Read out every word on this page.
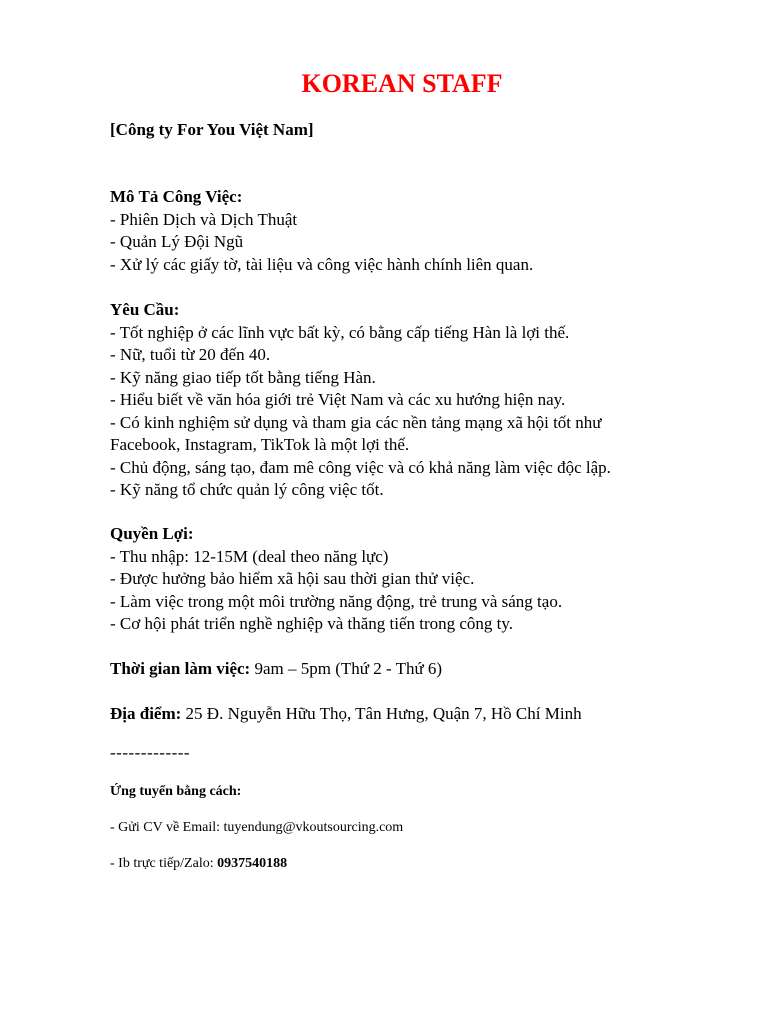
KOREAN STAFF
[Công ty For You Việt Nam]
Mô Tả Công Việc:
- Phiên Dịch và Dịch Thuật
- Quản Lý Đội Ngũ
- Xử lý các giấy tờ, tài liệu và công việc hành chính liên quan.
Yêu Cầu:
- Tốt nghiệp ở các lĩnh vực bất kỳ, có bằng cấp tiếng Hàn là lợi thế.
- Nữ, tuổi từ 20 đến 40.
- Kỹ năng giao tiếp tốt bằng tiếng Hàn.
- Hiểu biết về văn hóa giới trẻ Việt Nam và các xu hướng hiện nay.
- Có kinh nghiệm sử dụng và tham gia các nền tảng mạng xã hội tốt như
Facebook, Instagram, TikTok là một lợi thế.
- Chủ động, sáng tạo, đam mê công việc và có khả năng làm việc độc lập.
- Kỹ năng tổ chức quản lý công việc tốt.
Quyền Lợi:
- Thu nhập: 12-15M (deal theo năng lực)
- Được hưởng bảo hiểm xã hội sau thời gian thử việc.
- Làm việc trong một môi trường năng động, trẻ trung và sáng tạo.
- Cơ hội phát triển nghề nghiệp và thăng tiến trong công ty.
Thời gian làm việc: 9am – 5pm (Thứ 2 - Thứ 6)
Địa điểm: 25 Đ. Nguyễn Hữu Thọ, Tân Hưng, Quận 7, Hồ Chí Minh
-------------
Ứng tuyển bằng cách:
- Gửi CV về Email: tuyendung@vkoutsourcing.com
- Ib trực tiếp/Zalo: 0937540188
